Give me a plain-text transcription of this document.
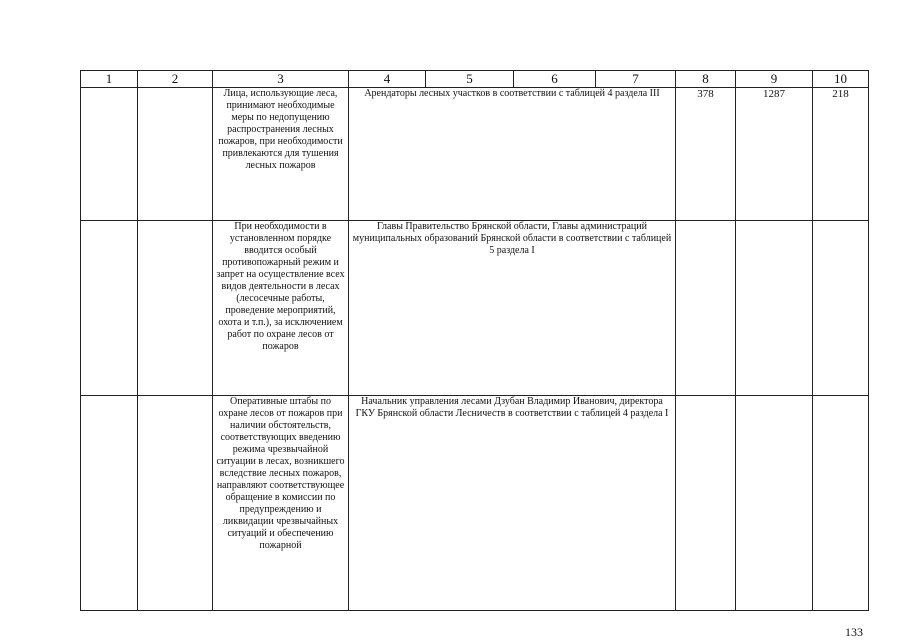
1	2	3	4	5	6	7	8	9	10
		Лица, использующие леса, принимают необходимые меры по недопущению распространения лесных пожаров, при необходимости привлекаются для тушения лесных пожаров	Арендаторы лесных участков в соответствии с таблицей 4 раздела III				378	1287	218
		При необходимости в установленном порядке вводится особый противопожарный режим и запрет на осуществление всех видов деятельности в лесах (лесосечные работы, проведение мероприятий, охота и т.п.), за исключением работ по охране лесов от пожаров	Главы Правительство Брянской области, Главы администраций муниципальных образований Брянской области в соответствии с таблицей 5 раздела I						
		Оперативные штабы по охране лесов от пожаров при наличии обстоятельств, соответствующих введению режима чрезвычайной ситуации в лесах, возникшего вследствие лесных пожаров, направляют соответствующее обращение в комиссии по предупреждению и ликвидации чрезвычайных ситуаций и обеспечению пожарной	Начальник управления лесами Дзубан Владимир Иванович, директора ГКУ Брянской области Лесничеств в соответствии с таблицей 4 раздела I						
133
